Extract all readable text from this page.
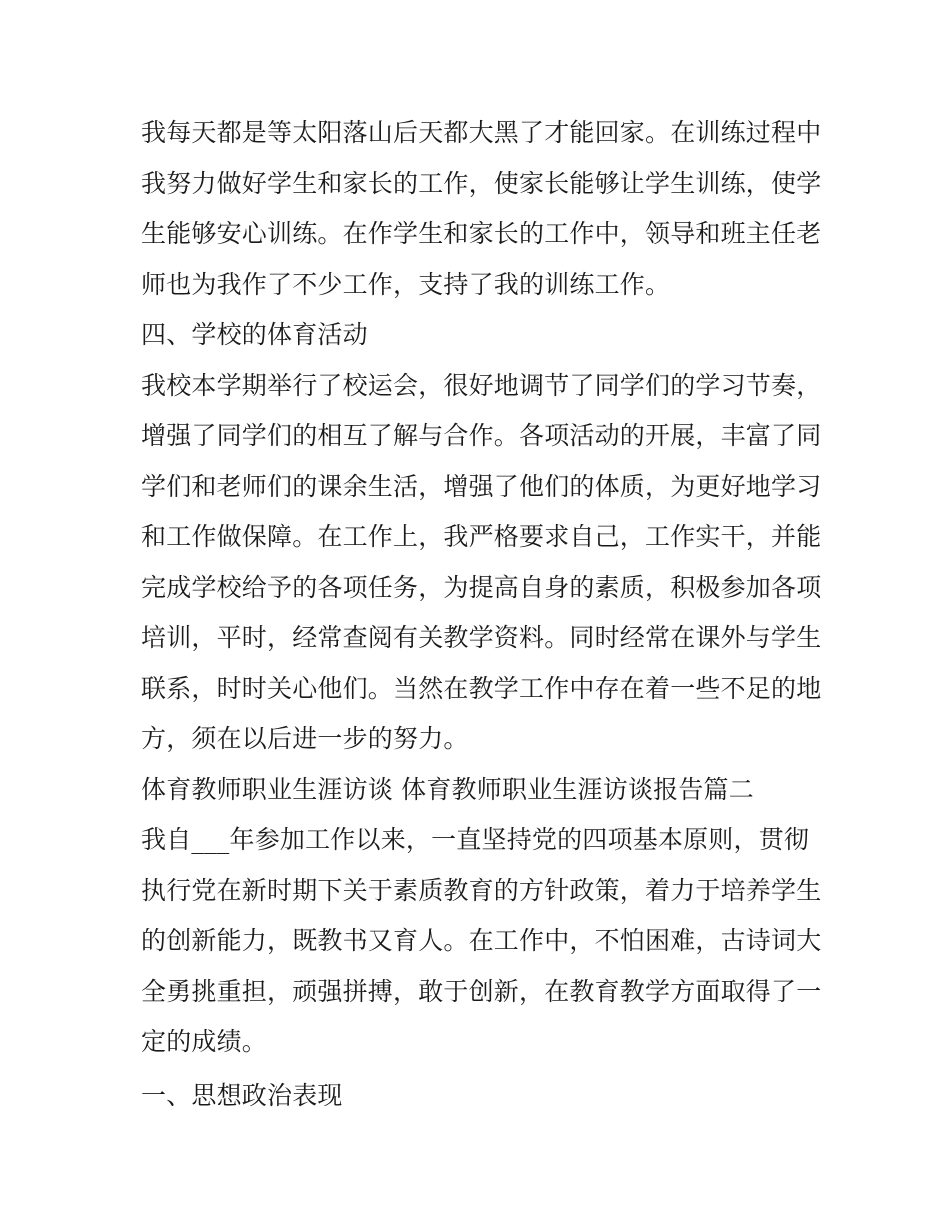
我每天都是等太阳落山后天都大黑了才能回家。在训练过程中
我努力做好学生和家长的工作，使家长能够让学生训练，使学
生能够安心训练。在作学生和家长的工作中，领导和班主任老
师也为我作了不少工作，支持了我的训练工作。
四、学校的体育活动
我校本学期举行了校运会，很好地调节了同学们的学习节奏，
增强了同学们的相互了解与合作。各项活动的开展，丰富了同
学们和老师们的课余生活，增强了他们的体质，为更好地学习
和工作做保障。在工作上，我严格要求自己，工作实干，并能
完成学校给予的各项任务，为提高自身的素质，积极参加各项
培训，平时，经常查阅有关教学资料。同时经常在课外与学生
联系，时时关心他们。当然在教学工作中存在着一些不足的地
方，须在以后进一步的努力。
体育教师职业生涯访谈 体育教师职业生涯访谈报告篇二
我自___年参加工作以来，一直坚持党的四项基本原则，贯彻
执行党在新时期下关于素质教育的方针政策，着力于培养学生
的创新能力，既教书又育人。在工作中，不怕困难，古诗词大
全勇挑重担，顽强拼搏，敢于创新，在教育教学方面取得了一
定的成绩。
一、思想政治表现
